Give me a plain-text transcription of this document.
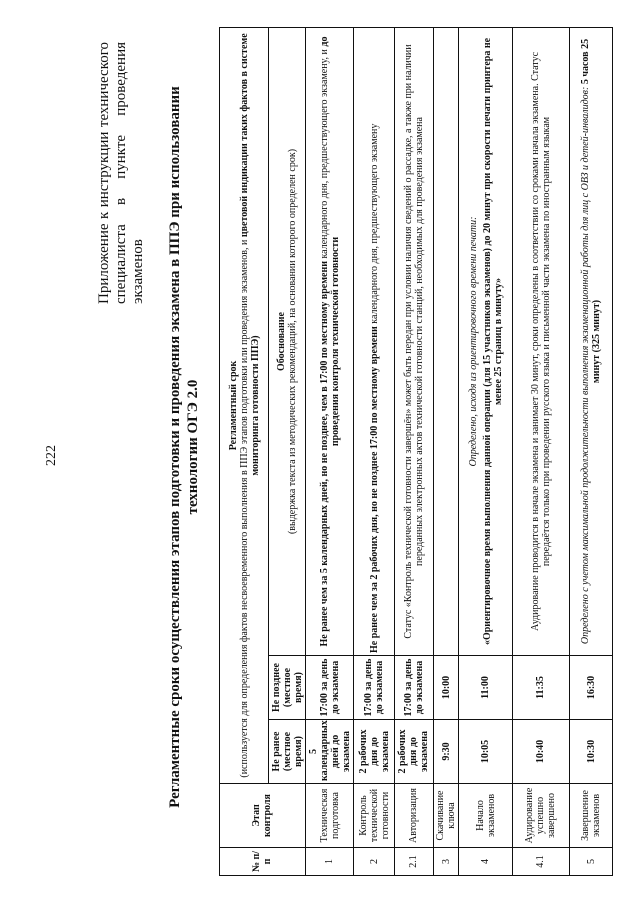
222
Приложение к инструкции технического специалиста в пункте проведения экзаменов Регламентные сроки осуществления этапов подготовки и проведения экзамена в ППЭ при использовании технологии ОГЭ 2.0
№ п/п	Этап контроля	Регламентный срок
(используется для определения фактов несвоевременного выполнения в ППЭ этапов подготовки или проведения экзаменов, и цветовой индикации таких фактов в системе мониторинга готовности ППЭ)		
		Не ранее (местное время)	Не позднее (местное время)	Обоснование
(выдержка текста из методических рекомендаций, на основании которого определен срок)
1	Техническая подготовка	5 календарных дней до экзамена	17:00 за день до экзамена	Не ранее чем за 5 календарных дней, но не позднее, чем в 17:00 по местному времени календарного дня, предшествующего экзамену, и до проведения контроля технической готовности
2	Контроль технической готовности	2 рабочих дня до экзамена	17:00 за день до экзамена	Не ранее чем за 2 рабочих дня, но не позднее 17:00 по местному времени календарного дня, предшествующего экзамену
2.1	Авторизация	2 рабочих дня до экзамена	17:00 за день до экзамена	Статус «Контроль технической готовности завершён» может быть передан при условии наличия сведений о рассадке, а также при наличии переданных электронных актов технической готовности станций, необходимых для проведения экзамена
3	Скачивание ключа	9:30	10:00	
4	Начало экзаменов	10:05	11:00	Определено, исходя из ориентировочного времени печати: «Ориентировочное время выполнения данной операции (для 15 участников экзаменов) до 20 минут при скорости печати принтера не менее 25 страниц в минуту»

4.1	Аудирование успешно завершено	10:40	11:35	Аудирование проводится в начале экзамена и занимает 30 минут, сроки определены в соответствии со сроками начала экзамена. Статус передаётся только при проведении русского языка и письменной части экзамена по иностранным языкам
5	Завершение экзаменов	10:30	16:30	Определено с учетом максимальной продолжительности выполнения экзаменационной работы для лиц с ОВЗ и детей-инвалидов: 5 часов 25 минут (325 минут)
